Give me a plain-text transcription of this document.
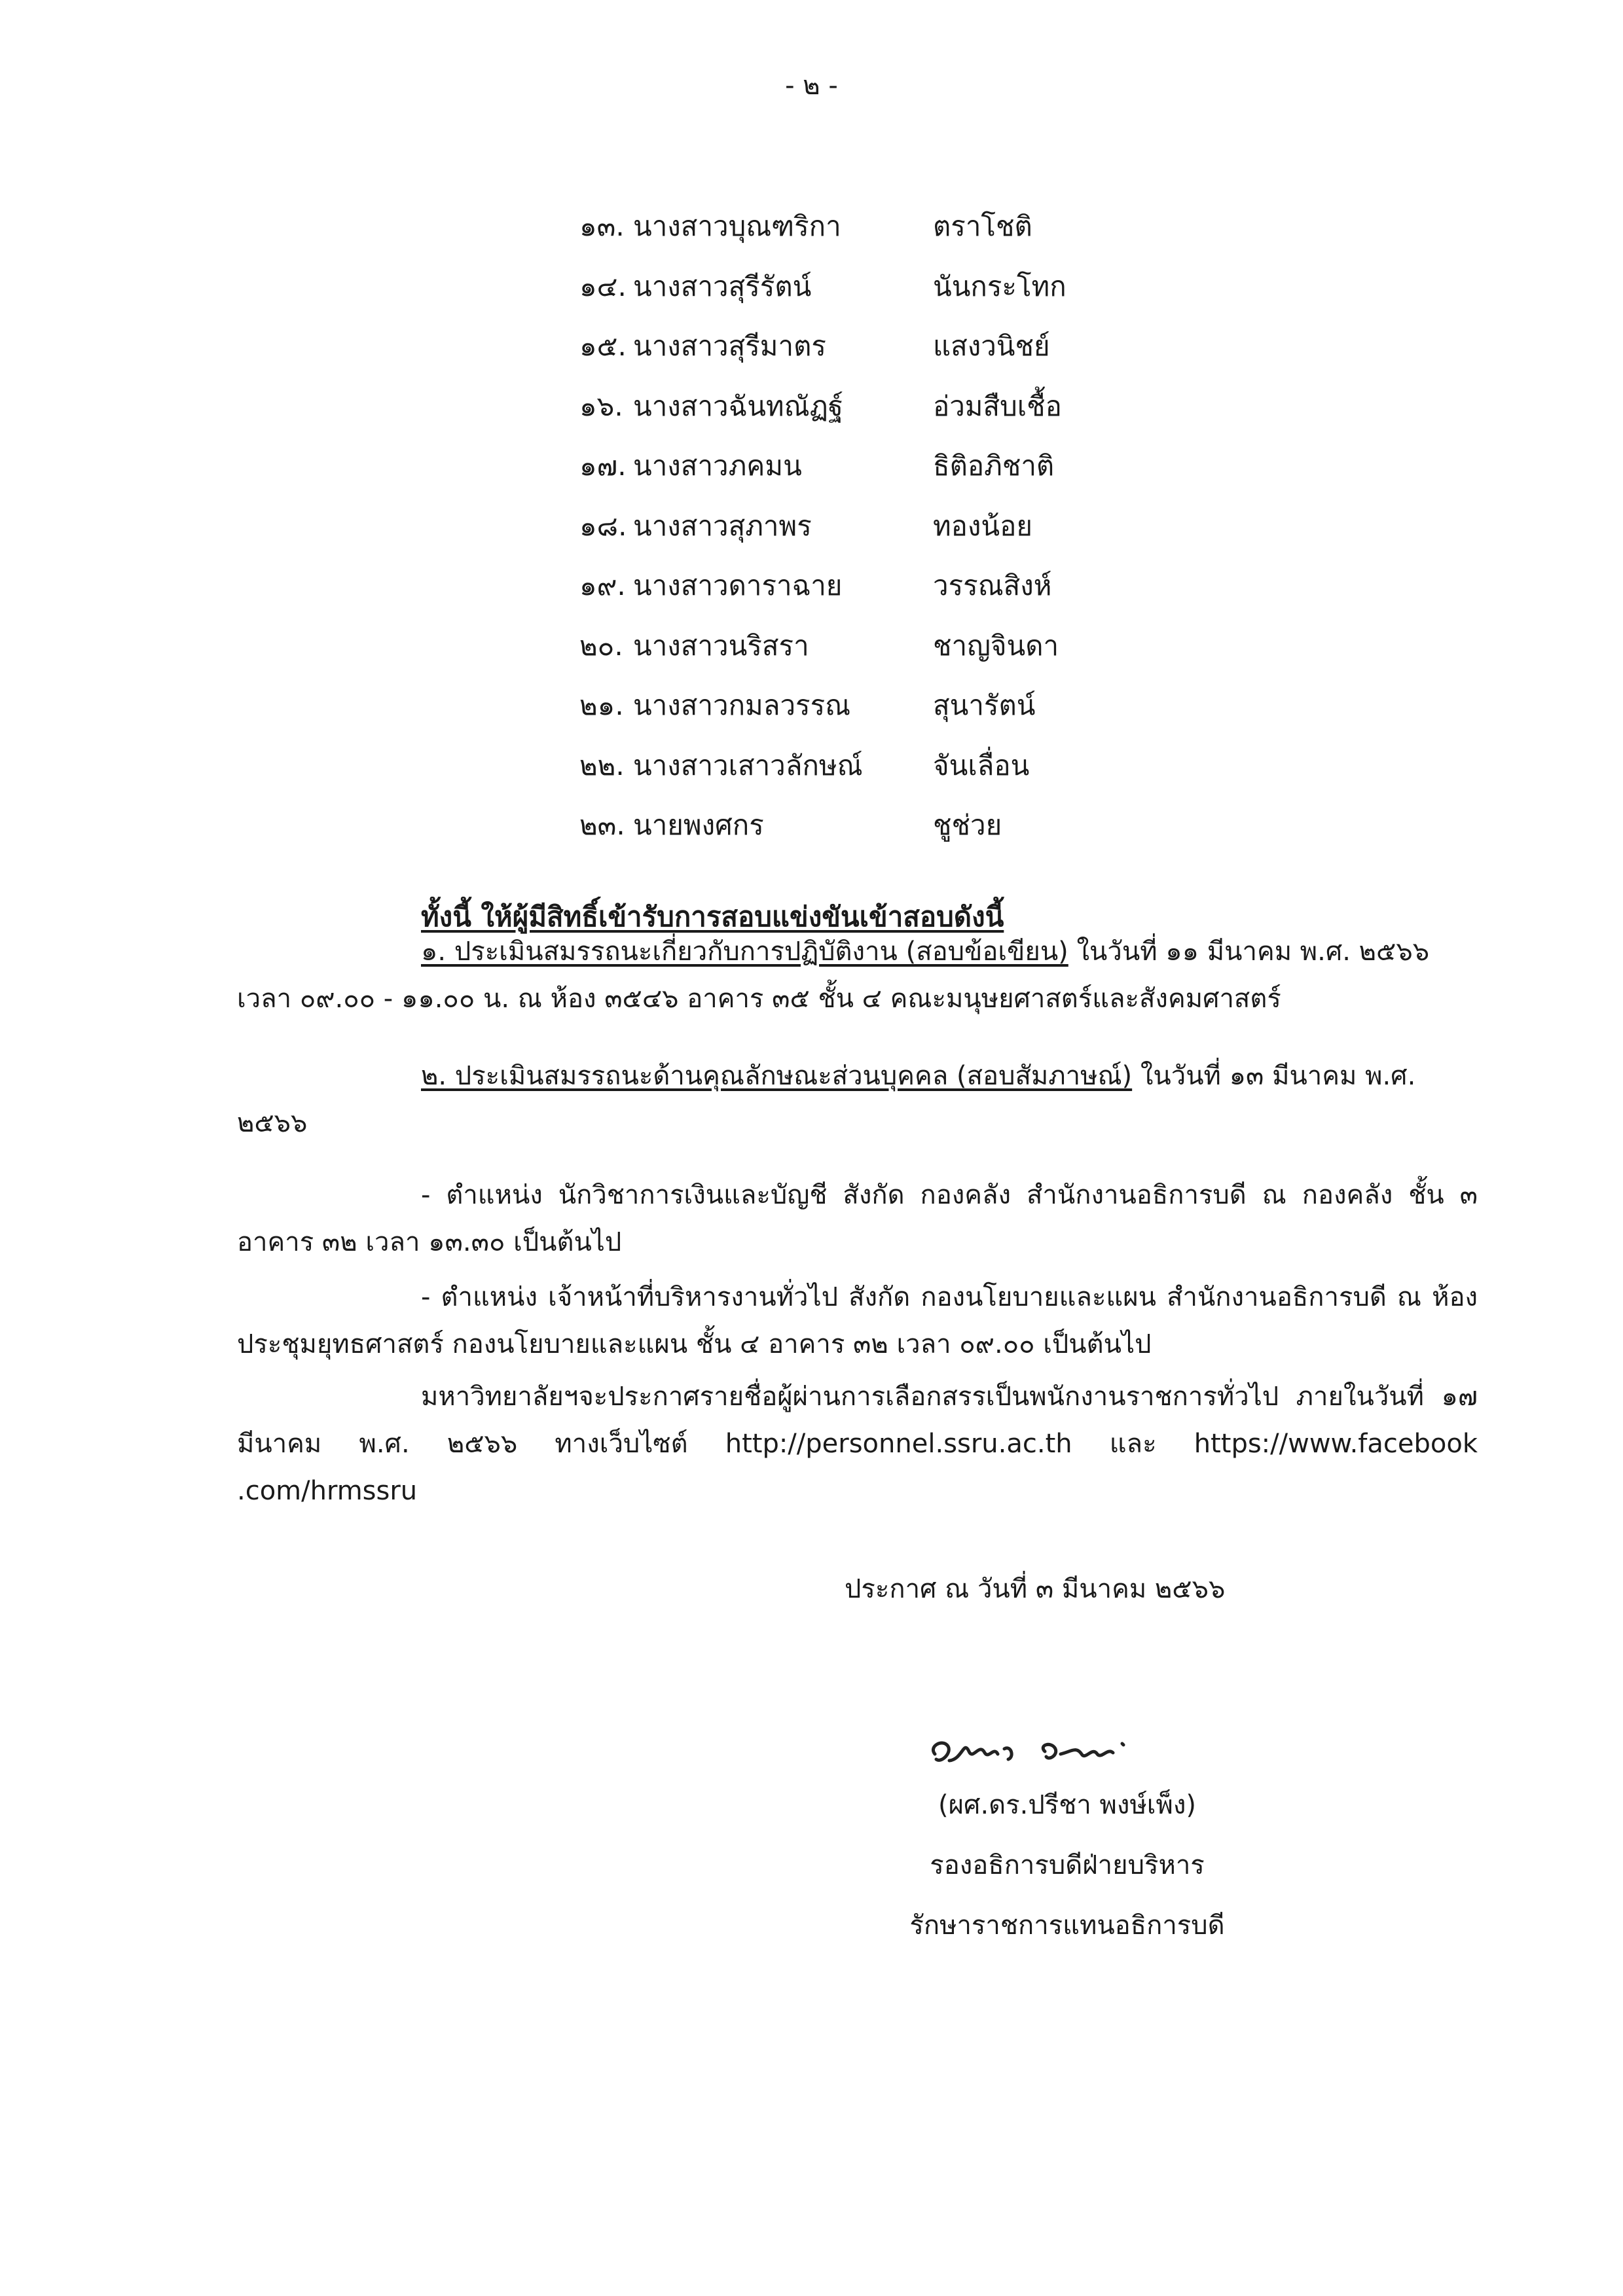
- ๒ -
๑๓. นางสาวบุณฑริกา	ตราโชติ
๑๔. นางสาวสุรีรัตน์	นันกระโทก
๑๕. นางสาวสุรีมาตร	แสงวนิชย์
๑๖. นางสาวฉันทณัฏฐ์	อ่วมสืบเชื้อ
๑๗. นางสาวภคมน	ธิติอภิชาติ
๑๘. นางสาวสุภาพร	ทองน้อย
๑๙. นางสาวดาราฉาย	วรรณสิงห์
๒๐. นางสาวนริสรา	ชาญจินดา
๒๑. นางสาวกมลวรรณ	สุนารัตน์
๒๒. นางสาวเสาวลักษณ์	จันเลื่อน
๒๓. นายพงศกร	ชูช่วย
ทั้งนี้ ให้ผู้มีสิทธิ์เข้ารับการสอบแข่งขันเข้าสอบดังนี้
๑. ประเมินสมรรถนะเกี่ยวกับการปฏิบัติงาน (สอบข้อเขียน) ในวันที่ ๑๑ มีนาคม พ.ศ. ๒๕๖๖
เวลา ๐๙.๐๐ - ๑๑.๐๐ น. ณ ห้อง ๓๕๔๖ อาคาร ๓๕ ชั้น ๔ คณะมนุษยศาสตร์และสังคมศาสตร์
๒. ประเมินสมรรถนะด้านคุณลักษณะส่วนบุคคล (สอบสัมภาษณ์) ในวันที่ ๑๓ มีนาคม พ.ศ.
๒๕๖๖
- ตำแหน่ง นักวิชาการเงินและบัญชี สังกัด กองคลัง สำนักงานอธิการบดี ณ กองคลัง ชั้น ๓ อาคาร ๓๒ เวลา ๑๓.๓๐ เป็นต้นไป
- ตำแหน่ง เจ้าหน้าที่บริหารงานทั่วไป สังกัด กองนโยบายและแผน สำนักงานอธิการบดี ณ ห้องประชุมยุทธศาสตร์ กองนโยบายและแผน ชั้น ๔ อาคาร ๓๒ เวลา ๐๙.๐๐ เป็นต้นไป
มหาวิทยาลัยฯจะประกาศรายชื่อผู้ผ่านการเลือกสรรเป็นพนักงานราชการทั่วไป ภายในวันที่ ๑๗ มีนาคม พ.ศ. ๒๕๖๖ ทางเว็บไซต์ http://personnel.ssru.ac.th และ https://www.facebook .com/hrmssru
ประกาศ ณ วันที่ ๓ มีนาคม ๒๕๖๖
(ผศ.ดร.ปรีชา พงษ์เพ็ง)
รองอธิการบดีฝ่ายบริหาร
รักษาราชการแทนอธิการบดี
